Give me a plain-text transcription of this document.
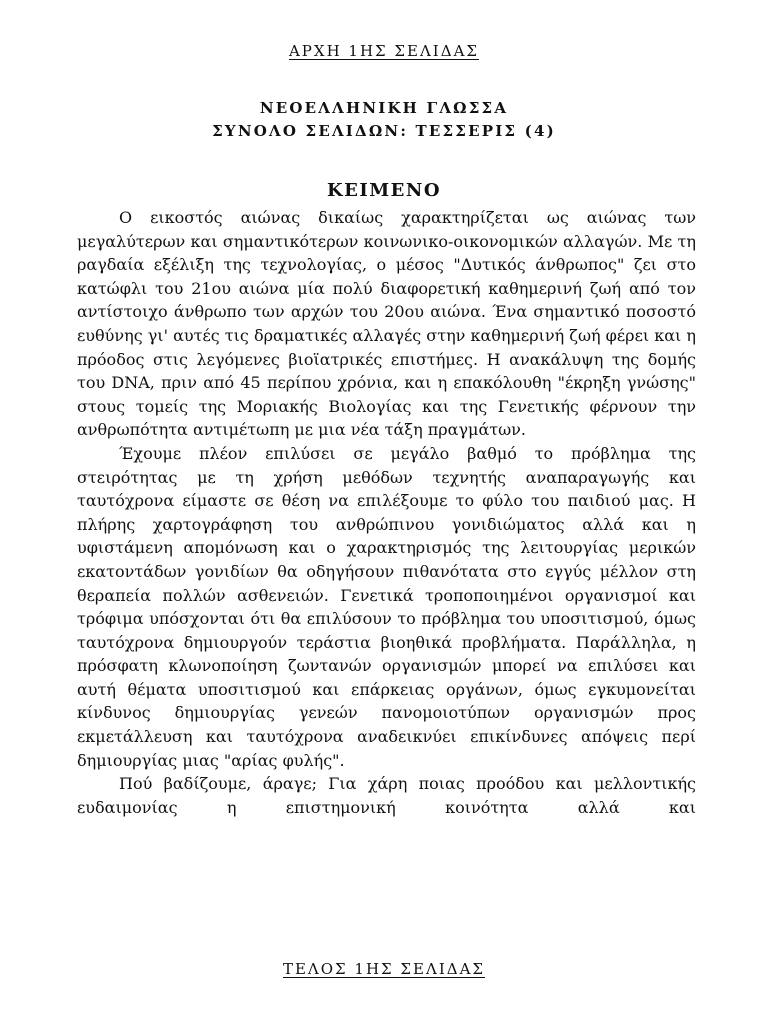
ΑΡΧΗ 1ΗΣ ΣΕΛΙΔΑΣ
ΝΕΟΕΛΛΗΝΙΚΗ ΓΛΩΣΣΑ
ΣΥΝΟΛΟ ΣΕΛΙΔΩΝ: ΤΕΣΣΕΡΙΣ (4)
ΚΕΙΜΕΝΟ

Ο εικοστός αιώνας δικαίως χαρακτηρίζεται ως αιώνας των μεγαλύτερων και σημαντικότερων κοινωνικο-οικονομικών αλλαγών. Με τη ραγδαία εξέλιξη της τεχνολογίας, ο μέσος "Δυτικός άνθρωπος" ζει στο κατώφλι του 21ου αιώνα μία πολύ διαφορετική καθημερινή ζωή από τον αντίστοιχο άνθρωπο των αρχών του 20ου αιώνα. Ένα σημαντικό ποσοστό ευθύνης γι' αυτές τις δραματικές αλλαγές στην καθημερινή ζωή φέρει και η πρόοδος στις λεγόμενες βιοϊατρικές επιστήμες. Η ανακάλυψη της δομής του DNA, πριν από 45 περίπου χρόνια, και η επακόλουθη "έκρηξη γνώσης" στους τομείς της Μοριακής Βιολογίας και της Γενετικής φέρνουν την ανθρωπότητα αντιμέτωπη με μια νέα τάξη πραγμάτων.

Έχουμε πλέον επιλύσει σε μεγάλο βαθμό το πρόβλημα της στειρότητας με τη χρήση μεθόδων τεχνητής αναπαραγωγής και ταυτόχρονα είμαστε σε θέση να επιλέξουμε το φύλο του παιδιού μας. Η πλήρης χαρτογράφηση του ανθρώπινου γονιδιώματος αλλά και η υφιστάμενη απομόνωση και ο χαρακτηρισμός της λειτουργίας μερικών εκατοντάδων γονιδίων θα οδηγήσουν πιθανότατα στο εγγύς μέλλον στη θεραπεία πολλών ασθενειών. Γενετικά τροποποιημένοι οργανισμοί και τρόφιμα υπόσχονται ότι θα επιλύσουν το πρόβλημα του υποσιτισμού, όμως ταυτόχρονα δημιουργούν τεράστια βιοηθικά προβλήματα. Παράλληλα, η πρόσφατη κλωνοποίηση ζωντανών οργανισμών μπορεί να επιλύσει και αυτή θέματα υποσιτισμού και επάρκειας οργάνων, όμως εγκυμονείται κίνδυνος δημιουργίας γενεών πανομοιοτύπων οργανισμών προς εκμετάλλευση και ταυτόχρονα αναδεικνύει επικίνδυνες απόψεις περί δημιουργίας μιας "αρίας φυλής".

Πού βαδίζουμε, άραγε; Για χάρη ποιας προόδου και μελλοντικής ευδαιμονίας η επιστημονική κοινότητα αλλά και

ΤΕΛΟΣ 1ΗΣ ΣΕΛΙΔΑΣ
